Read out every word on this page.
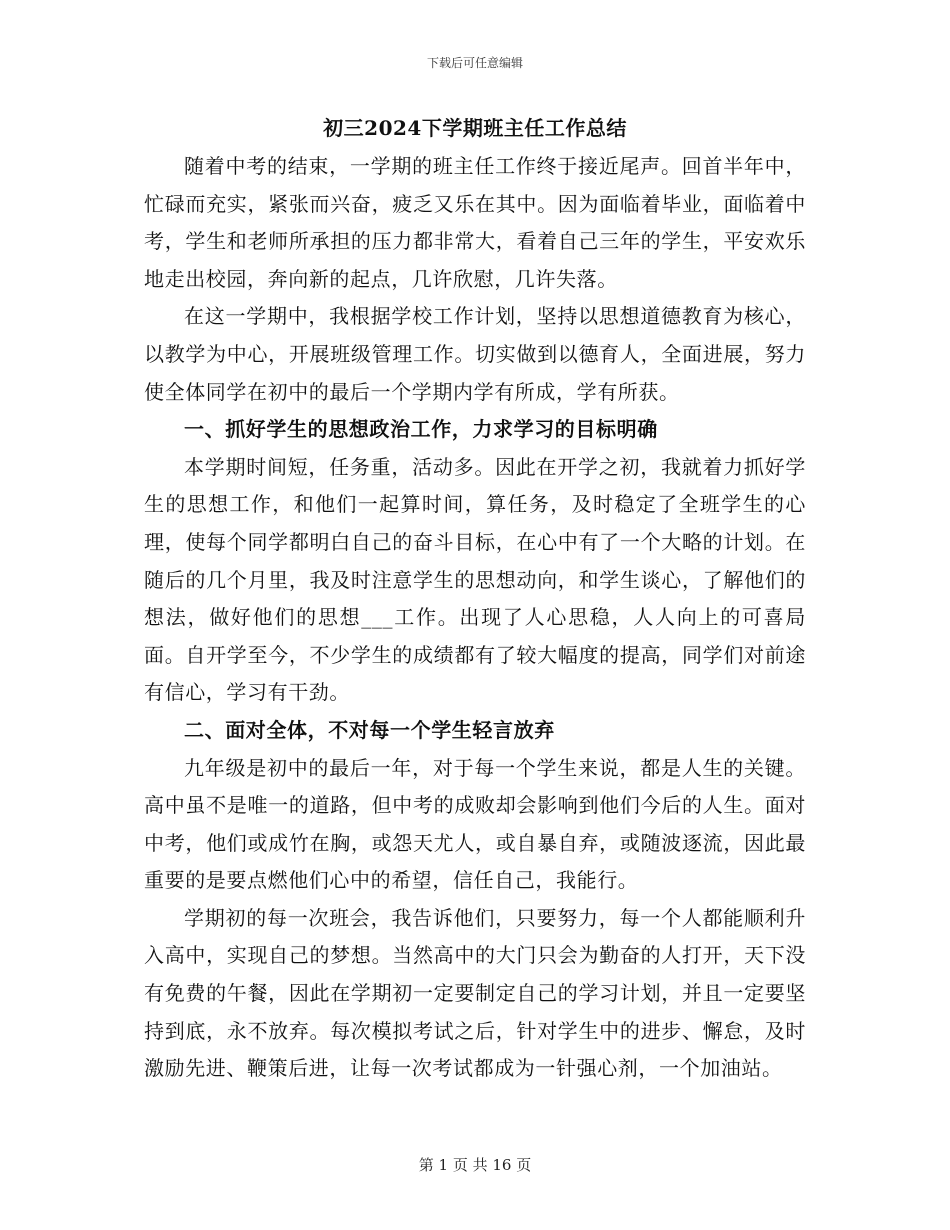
下载后可任意编辑
初三2024下学期班主任工作总结

随着中考的结束，一学期的班主任工作终于接近尾声。回首半年中，忙碌而充实，紧张而兴奋，疲乏又乐在其中。因为面临着毕业，面临着中考，学生和老师所承担的压力都非常大，看着自己三年的学生，平安欢乐地走出校园，奔向新的起点，几许欣慰，几许失落。

在这一学期中，我根据学校工作计划，坚持以思想道德教育为核心，以教学为中心，开展班级管理工作。切实做到以德育人，全面进展，努力使全体同学在初中的最后一个学期内学有所成，学有所获。

一、抓好学生的思想政治工作，力求学习的目标明确

本学期时间短，任务重，活动多。因此在开学之初，我就着力抓好学生的思想工作，和他们一起算时间，算任务，及时稳定了全班学生的心理，使每个同学都明白自己的奋斗目标，在心中有了一个大略的计划。在随后的几个月里，我及时注意学生的思想动向，和学生谈心，了解他们的想法，做好他们的思想___工作。出现了人心思稳，人人向上的可喜局面。自开学至今，不少学生的成绩都有了较大幅度的提高，同学们对前途有信心，学习有干劲。

二、面对全体，不对每一个学生轻言放弃

九年级是初中的最后一年，对于每一个学生来说，都是人生的关键。高中虽不是唯一的道路，但中考的成败却会影响到他们今后的人生。面对中考，他们或成竹在胸，或怨天尤人，或自暴自弃，或随波逐流，因此最重要的是要点燃他们心中的希望，信任自己，我能行。

学期初的每一次班会，我告诉他们，只要努力，每一个人都能顺利升入高中，实现自己的梦想。当然高中的大门只会为勤奋的人打开，天下没有免费的午餐，因此在学期初一定要制定自己的学习计划，并且一定要坚持到底，永不放弃。每次模拟考试之后，针对学生中的进步、懈怠，及时激励先进、鞭策后进，让每一次考试都成为一针强心剂，一个加油站。

第 1 页 共 16 页
